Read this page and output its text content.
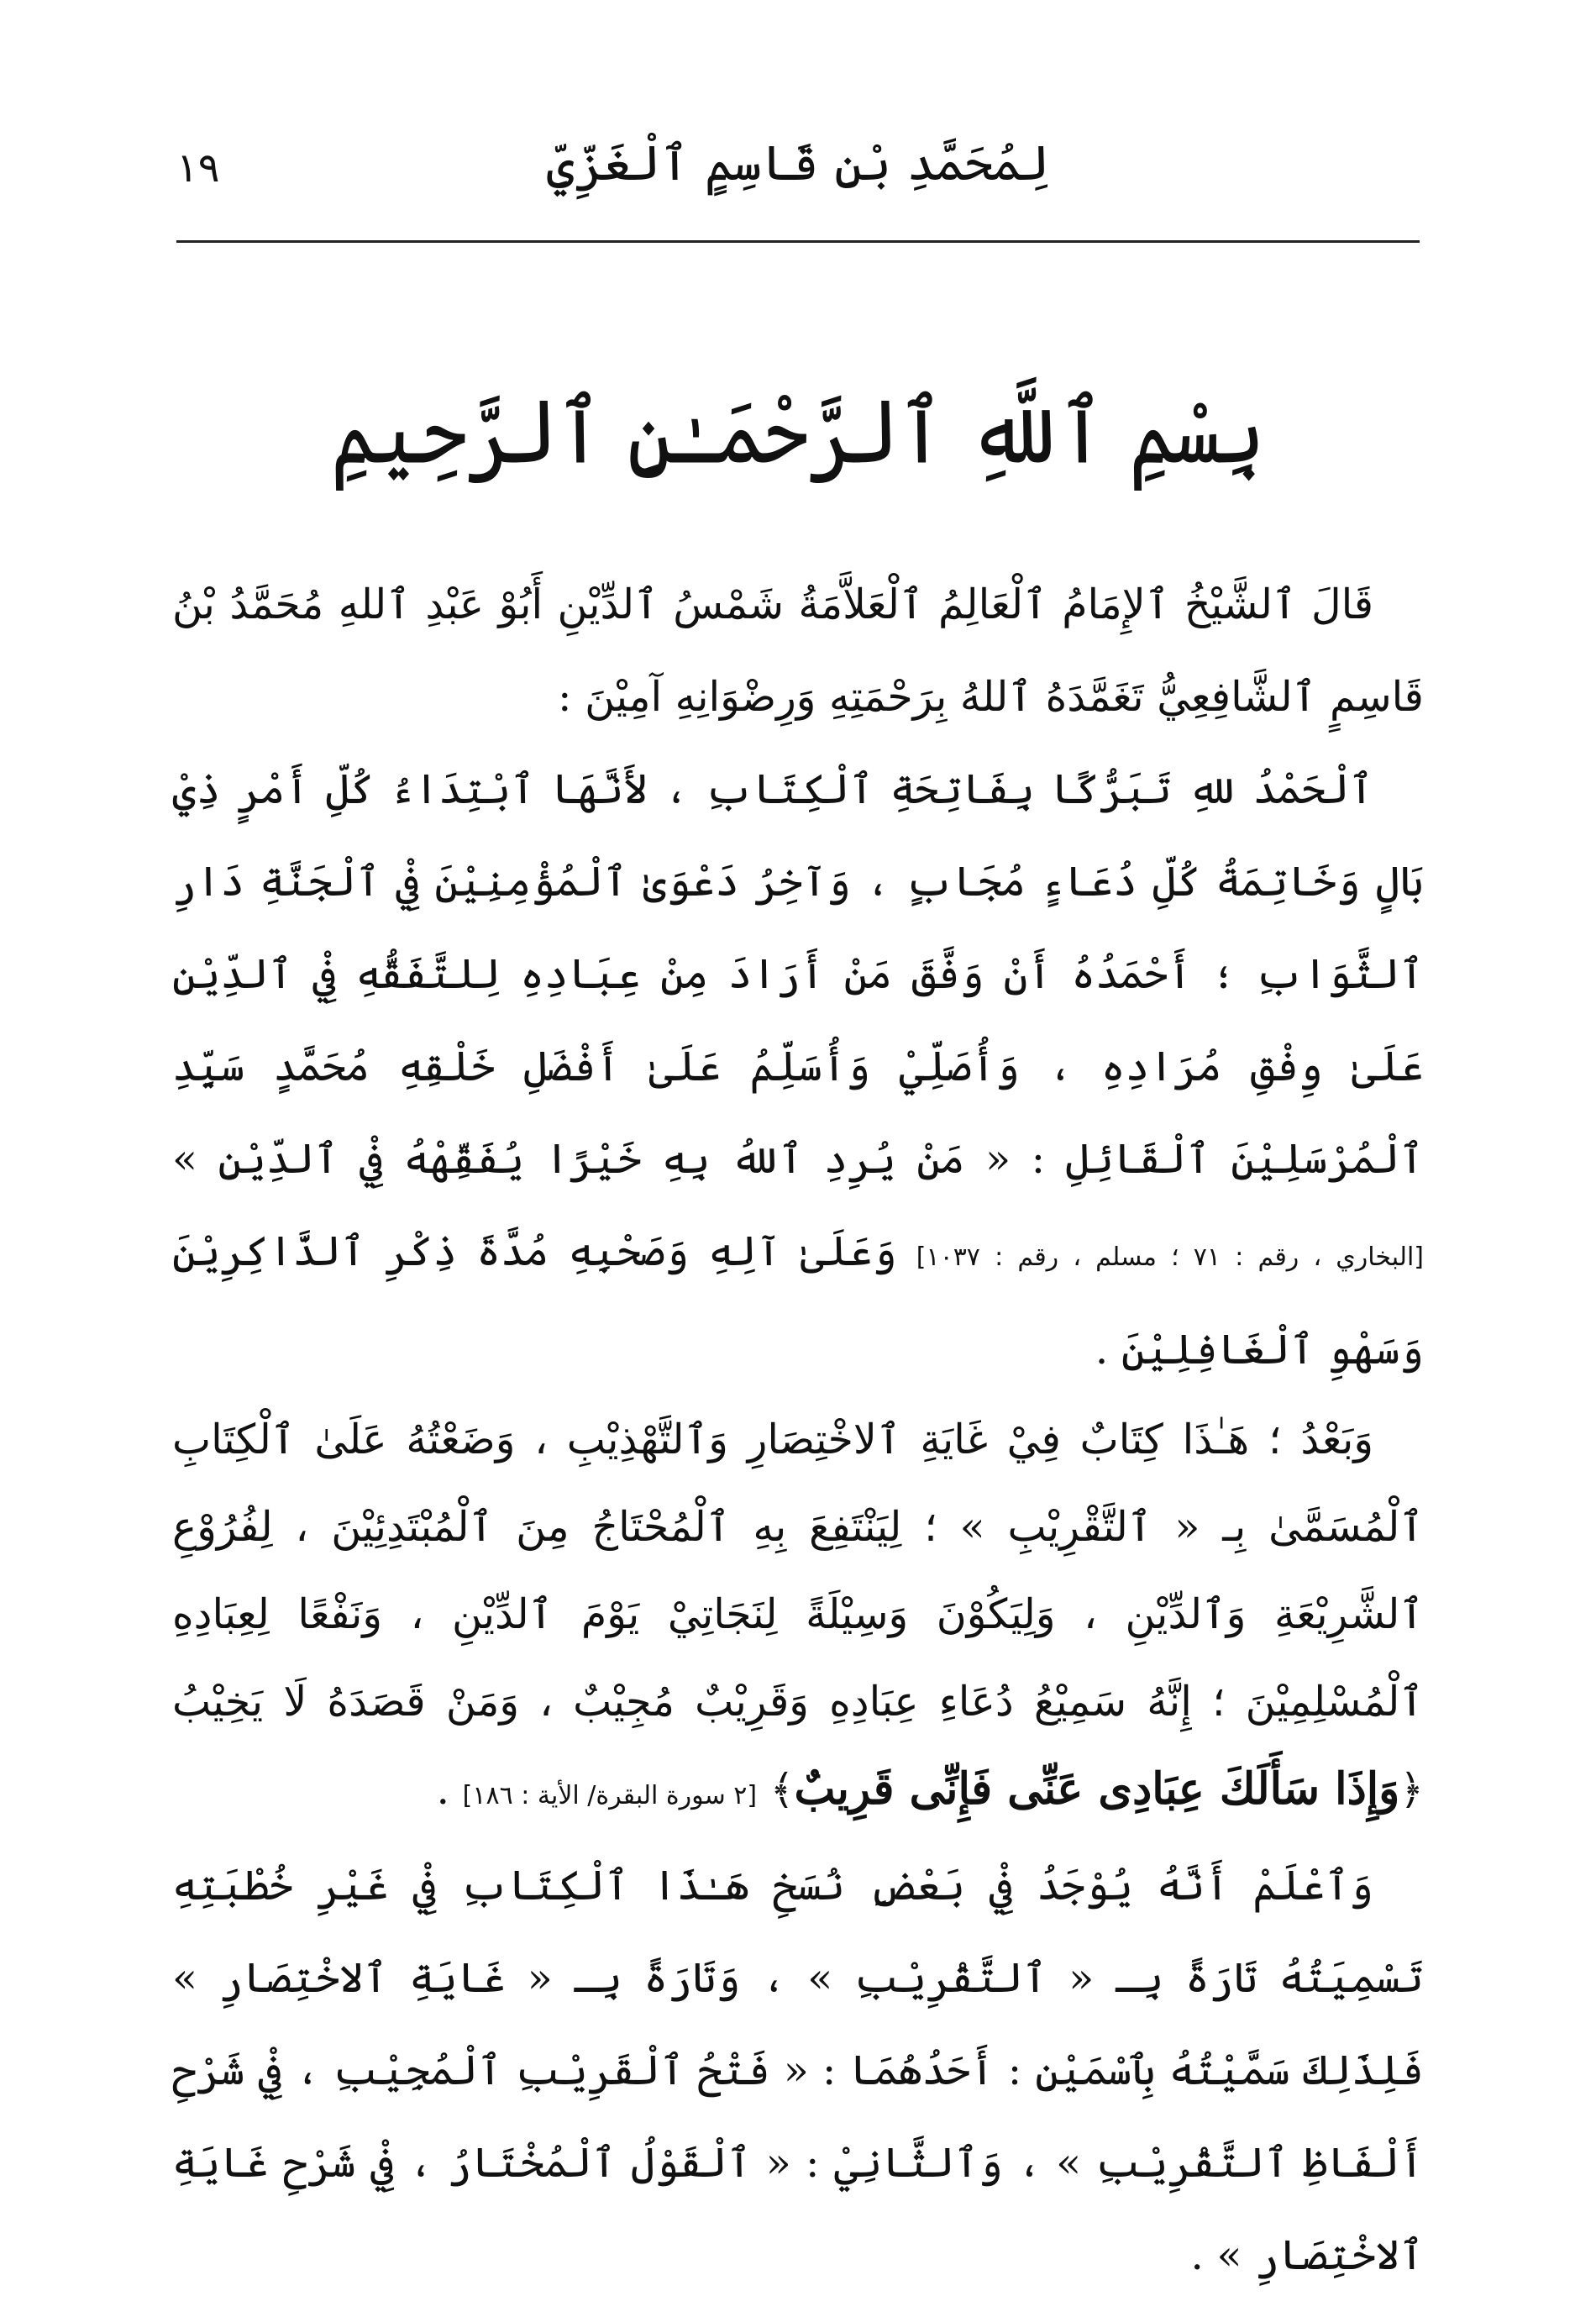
١٩	لِمُحَمَّدِ بْنِ قَاسِمٍ ٱلْغَزِّيِّ
بِسْمِ ٱللَّهِ ٱلرَّحْمَـٰنِ ٱلرَّحِيمِ

قَالَ ٱلشَّيْخُ ٱلإِمَامُ ٱلْعَالِمُ ٱلْعَلاَّمَةُ شَمْسُ ٱلدِّيْنِ أَبُوْ عَبْدِ ٱللهِ مُحَمَّدُ بْنُ قَاسِمٍ ٱلشَّافِعِيُّ تَغَمَّدَهُ ٱللهُ بِرَحْمَتِهِ وَرِضْوَانِهِ آمِيْنَ :

ٱلْحَمْدُ للهِ تَبَرُّكًا بِفَاتِحَةِ ٱلْكِتَابِ ، لأَنَّهَا ٱبْتِدَاءُ كُلِّ أَمْرٍ ذِيْ بَالٍ وَخَاتِمَةُ كُلِّ دُعَاءٍ مُجَابٍ ، وَآخِرُ دَعْوَىٰ ٱلْمُؤْمِنِيْنَ فِيْ ٱلْجَنَّةِ دَارِ ٱلثَّوَابِ ؛ أَحْمَدُهُ أَنْ وَفَّقَ مَنْ أَرَادَ مِنْ عِبَادِهِ لِلتَّفَقُّهِ فِيْ ٱلدِّيْنِ عَلَىٰ وِفْقِ مُرَادِهِ ، وَأُصَلِّيْ وَأُسَلِّمُ عَلَىٰ أَفْضَلِ خَلْقِهِ مُحَمَّدٍ سَيِّدِ ٱلْمُرْسَلِيْنَ ٱلْقَائِلِ : « مَنْ يُرِدِ ٱللهُ بِهِ خَيْرًا يُفَقِّهْهُ فِيْ ٱلدِّيْنِ » [البخاري ، رقم : ٧١ ؛ مسلم ، رقم : ١٠٣٧] وَعَلَىٰ آلِهِ وَصَحْبِهِ مُدَّةَ ذِكْرِ ٱلذَّاكِرِيْنَ وَسَهْوِ ٱلْغَافِلِيْنَ .

وَبَعْدُ ؛ هَـٰذَا كِتَابٌ فِيْ غَايَةِ ٱلاخْتِصَارِ وَٱلتَّهْذِيْبِ ، وَضَعْتُهُ عَلَىٰ ٱلْكِتَابِ ٱلْمُسَمَّىٰ بِـ « ٱلتَّقْرِيْبِ » ؛ لِيَنْتَفِعَ بِهِ ٱلْمُحْتَاجُ مِنَ ٱلْمُبْتَدِئِيْنَ ، لِفُرُوْعِ ٱلشَّرِيْعَةِ وَٱلدِّيْنِ ، وَلِيَكُوْنَ وَسِيْلَةً لِنَجَاتِيْ يَوْمَ ٱلدِّيْنِ ، وَنَفْعًا لِعِبَادِهِ ٱلْمُسْلِمِيْنَ ؛ إِنَّهُ سَمِيْعُ دُعَاءِ عِبَادِهِ وَقَرِيْبٌ مُجِيْبٌ ، وَمَنْ قَصَدَهُ لَا يَخِيْبُ ﴿وَإِذَا سَأَلَكَ عِبَادِى عَنِّى فَإِنِّى قَرِيبٌ﴾ [٢ سورة البقرة/ الأية : ١٨٦] .

وَٱعْلَمْ أَنَّهُ يُوْجَدُ فِيْ بَعْضِ نُسَخِ هَـٰذَا ٱلْكِتَابِ فِيْ غَيْرِ خُطْبَتِهِ تَسْمِيَتُهُ تَارَةً بِـ « ٱلتَّقْرِيْبِ » ، وَتَارَةً بِـ « غَايَةِ ٱلاخْتِصَارِ » فَلِذَلِكَ سَمَّيْتُهُ بِٱسْمَيْنِ : أَحَدُهُمَا : « فَتْحُ ٱلْقَرِيْبِ ٱلْمُجِيْبِ ، فِيْ شَرْحِ أَلْفَاظِ ٱلتَّقْرِيْبِ » ، وَٱلثَّانِيْ : « ٱلْقَوْلُ ٱلْمُخْتَارُ ، فِيْ شَرْحِ غَايَةِ ٱلاخْتِصَارِ » .
